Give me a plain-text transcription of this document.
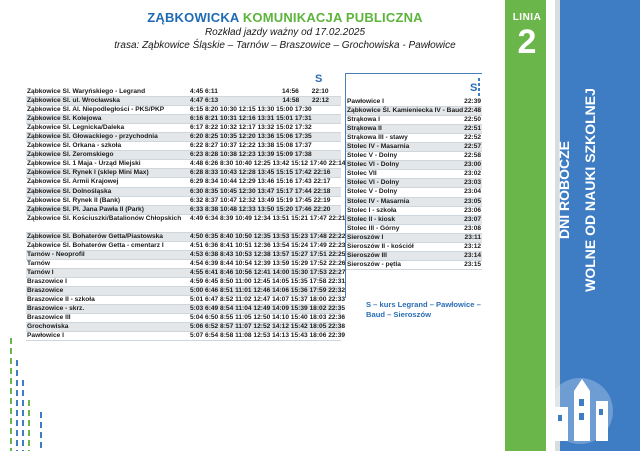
ZĄBKOWICKA KOMUNIKACJA PUBLICZNA
Rozkład jazdy ważny od 17.02.2025
trasa: Ząbkowice Śląskie – Tarnów – Braszowice – Grochowiska - Pawłowice
S
Ząbkowice Śl. Waryńskiego - Legrand	4:45 6:11                                   14:56       22:10
Ząbkowice Śl. ul. Wrocławska	4:47 6:13                                   14:58       22:12
Ząbkowice Śl. Al. Niepodległości - PKS/PKP	6:15 8:20 10:30 12:15 13:30 15:00 17:30
Ząbkowice Śl. Kolejowa	6:16 8:21 10:31 12:16 13:31 15:01 17:31
Ząbkowice Śl. Legnicka/Daleka	6:17 8:22 10:32 12:17 13:32 15:02 17:32
Ząbkowice Śl. Głowackiego - przychodnia	6:20 8:25 10:35 12:20 13:36 15:06 17:35
Ząbkowice Śl. Orkana - szkoła	6:22 8:27 10:37 12:22 13:38 15:08 17:37
Ząbkowice Śl. Żeromskiego	6:23 8:28 10:38 12:23 13:39 15:09 17:38
Ząbkowice Śl. 1 Maja - Urząd Miejski	4:48 6:26 8:30 10:40 12:25 13:42 15:12 17:40 22:14
Ząbkowice Śl. Rynek I (sklep Mini Max)	6:28 8:33 10:43 12:28 13:45 15:15 17:42 22:16
Ząbkowice Śl. Armii Krajowej	6:29 8:34 10:44 12:29 13:46 15:16 17:43 22:17
Ząbkowice Śl. Dolnośląska	6:30 8:35 10:45 12:30 13:47 15:17 17:44 22:18
Ząbkowice Śl. Rynek II (Bank)	6:32 8:37 10:47 12:32 13:49 15:19 17:45 22:19
Ząbkowice Śl. Pl. Jana Pawła II (Park)	6:33 8:38 10:48 12:33 13:50 15:20 17:46 22:20
Ząbkowice Śl. Kościuszki/Batalionów Chłopskich	4:49 6:34 8:39 10:49 12:34 13:51 15:21 17:47 22:21
Ząbkowice Śl. Bohaterów Getta/Piastowska	4:50 6:35 8:40 10:50 12:35 13:53 15:23 17:48 22:22
Ząbkowice Śl. Bohaterów Getta - cmentarz I	4:51 6:36 8:41 10:51 12:36 13:54 15:24 17:49 22:23
Tarnów - Neoprofil	4:53 6:38 8:43 10:53 12:38 13:57 15:27 17:51 22:25
Tarnów	4:54 6:39 8:44 10:54 12:39 13:59 15:29 17:52 22:26
Tarnów I	4:55 6:41 8:46 10:56 12:41 14:00 15:30 17:53 22:27
Braszowice I	4:59 6:45 8:50 11:00 12:45 14:05 15:35 17:58 22:31
Braszowice	5:00 6:46 8:51 11:01 12:46 14:06 15:36 17:59 22:32
Braszowice II - szkoła	5:01 6:47 8:52 11:02 12:47 14:07 15:37 18:00 22:33
Braszowice - skrz.	5:03 6:49 8:54 11:04 12:49 14:09 15:39 18:02 22:35
Braszowice III	5:04 6:50 8:55 11:05 12:50 14:10 15:40 18:03 22:36
Grochowiska	5:06 6:52 8:57 11:07 12:52 14:12 15:42 18:05 22:38
Pawłowice I	5:07 6:54 8:58 11:08 12:53 14:13 15:43 18:06 22:39
S
Pawłowice I	22:39
Ząbkowice Śl. Kamieniecka IV - Baud	22:48
Strąkowa I	22:50
Strąkowa II	22:51
Strąkowa III - stawy	22:52
Stolec IV - Masarnia	22:57
Stolec V - Dolny	22:58
Stolec VI - Dolny	23:00
Stolec VII	23:02
Stolec VI - Dolny	23:03
Stolec V - Dolny	23:04
Stolec IV - Masarnia	23:05
Stolec I - szkoła	23:06
Stolec II - kiosk	23:07
Stolec III - Górny	23:08
Sieroszów I	23:11
Sieroszów II - kościół	23:12
Sieroszów III	23:14
Sieroszów - pętla	23:15
S – kurs Legrand – Pawłowice – Baud – Sieroszów
LINIA
2
DNI ROBOCZE WOLNE OD NAUKI SZKOLNEJ
